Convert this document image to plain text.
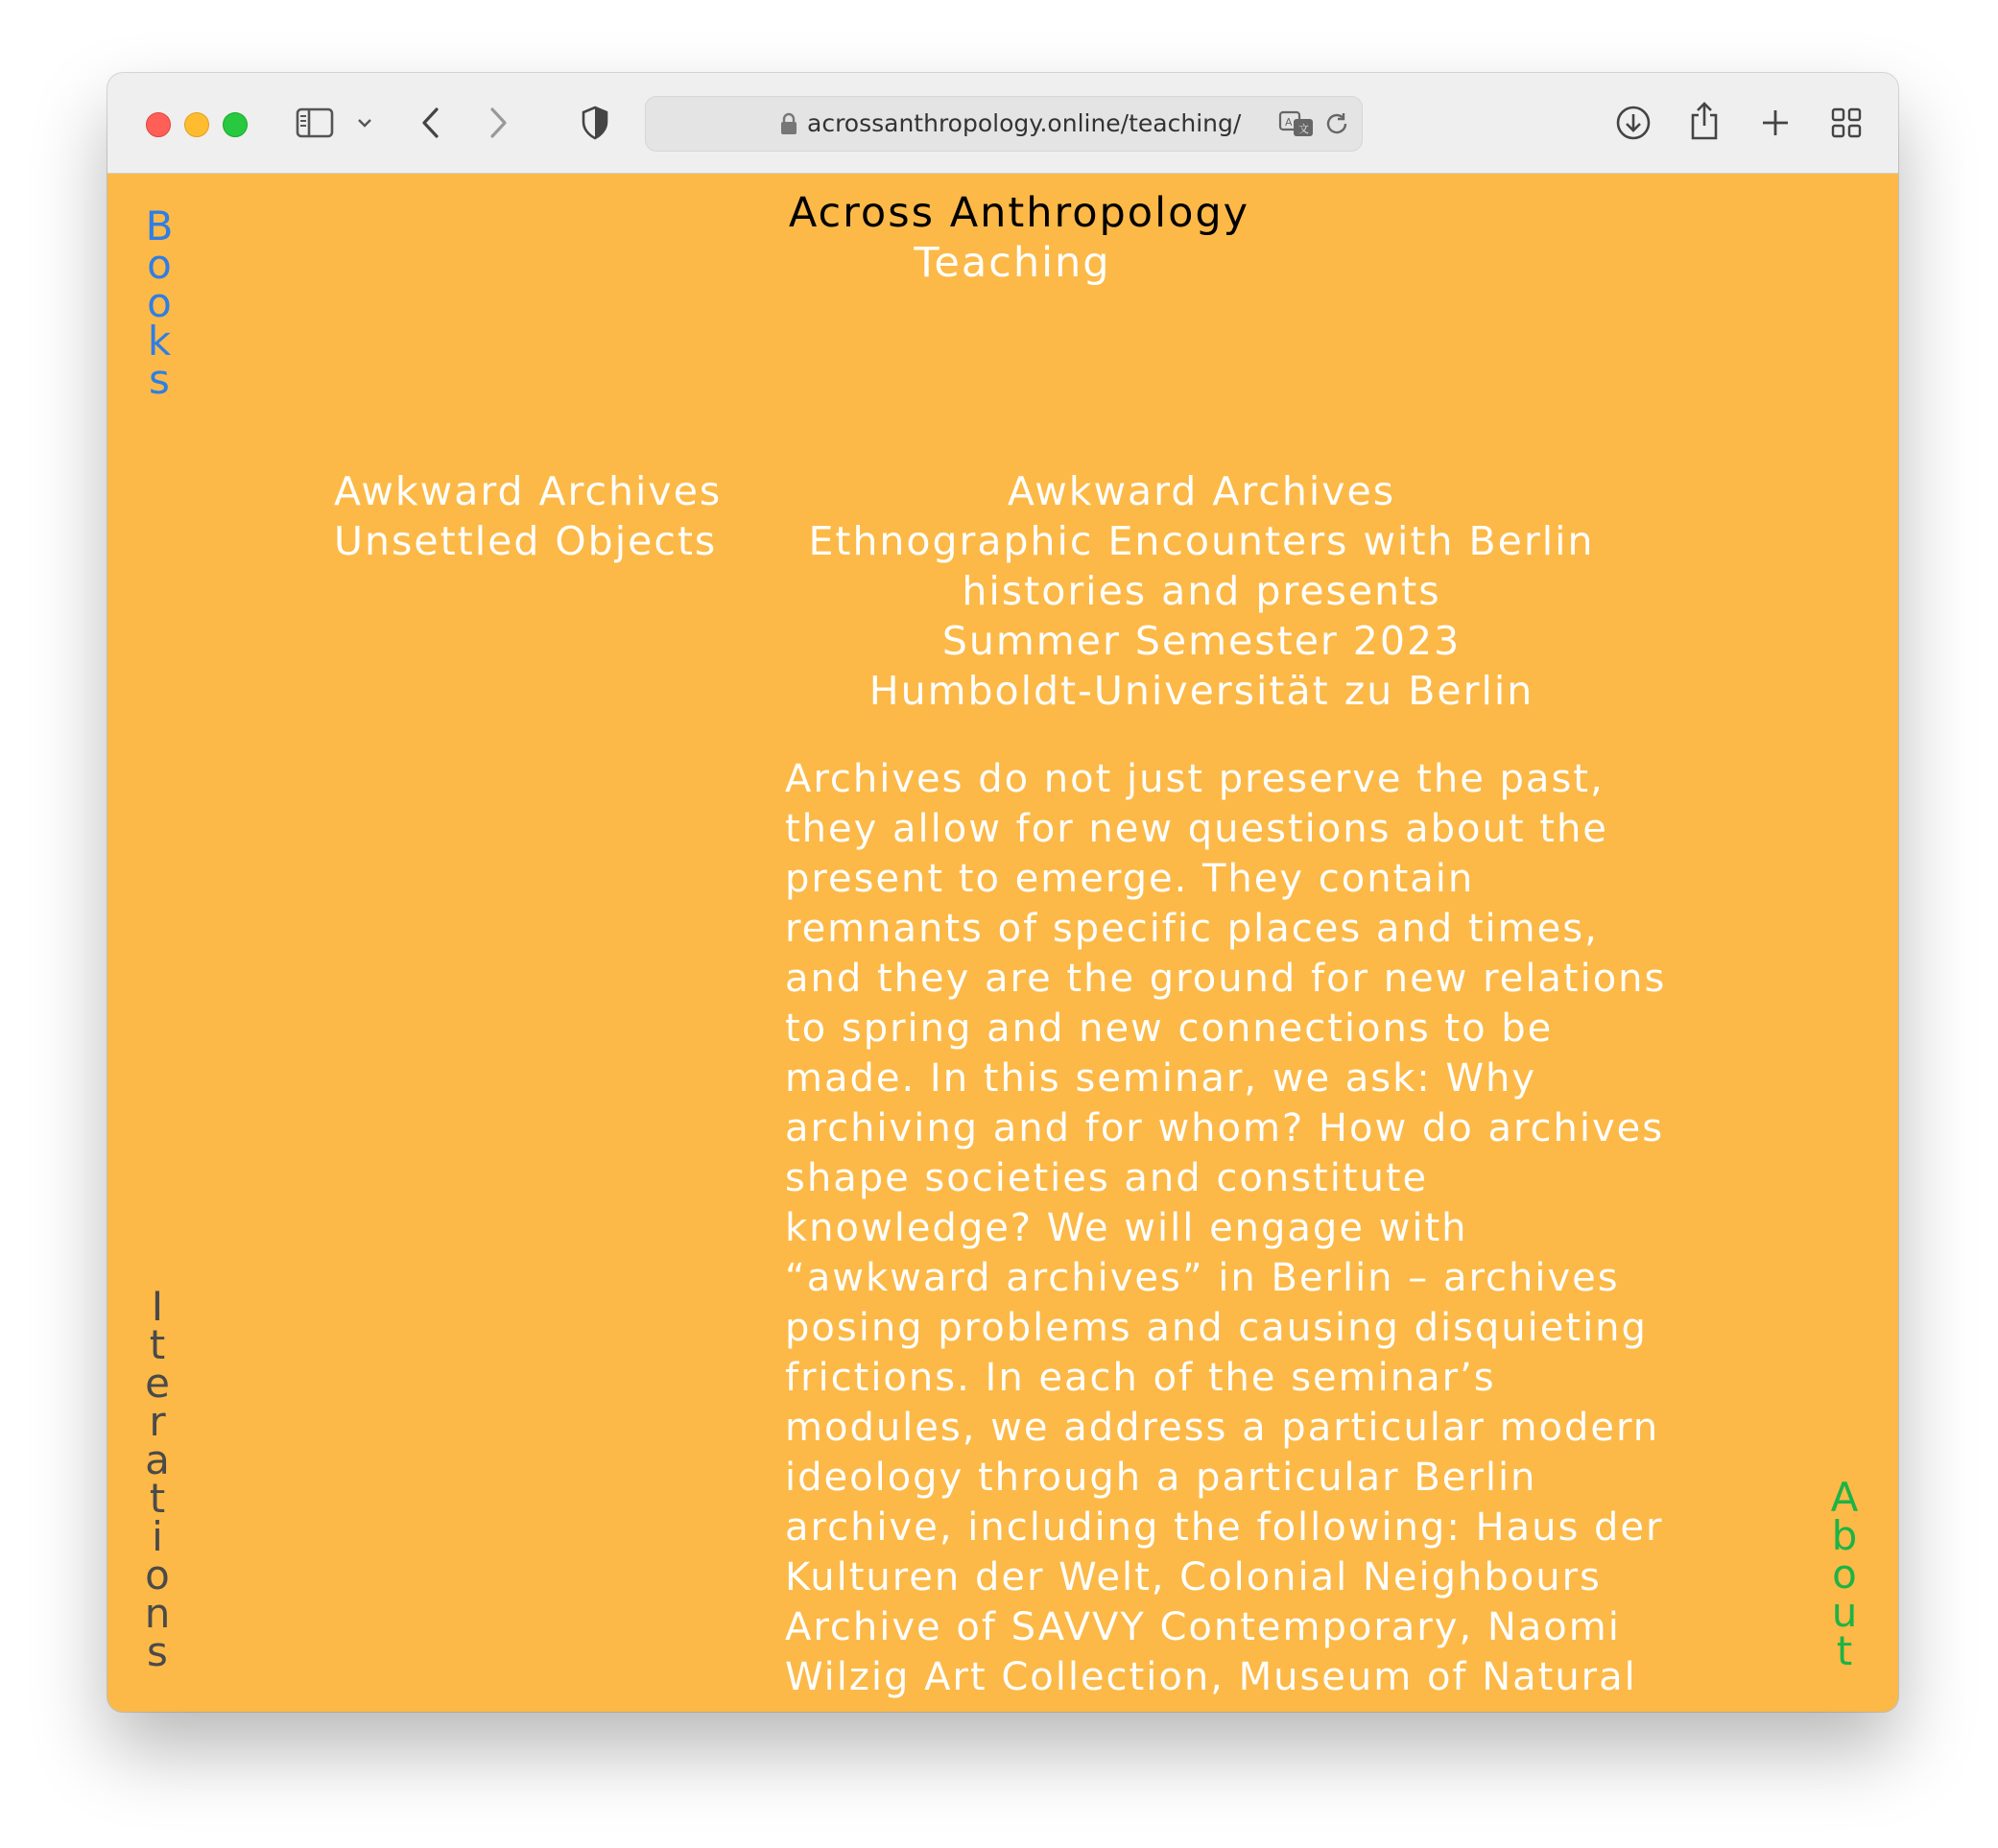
acrossanthropology.online/teaching/	A
文
Across Anthropology
Teaching
B
o
o
k
s
I
t
e
r
a
t
i
o
n
s
A
b
o
u
t
Awkward Archives
Unsettled Objects
Awkward Archives
Ethnographic Encounters with Berlin
histories and presents
Summer Semester 2023
Humboldt-Universität zu Berlin
Archives do not just preserve the past,
they allow for new questions about the
present to emerge. They contain
remnants of specific places and times,
and they are the ground for new relations
to spring and new connections to be
made. In this seminar, we ask: Why
archiving and for whom? How do archives
shape societies and constitute
knowledge? We will engage with
“awkward archives” in Berlin – archives
posing problems and causing disquieting
frictions. In each of the seminar’s
modules, we address a particular modern
ideology through a particular Berlin
archive, including the following: Haus der
Kulturen der Welt, Colonial Neighbours
Archive of SAVVY Contemporary, Naomi
Wilzig Art Collection, Museum of Natural
